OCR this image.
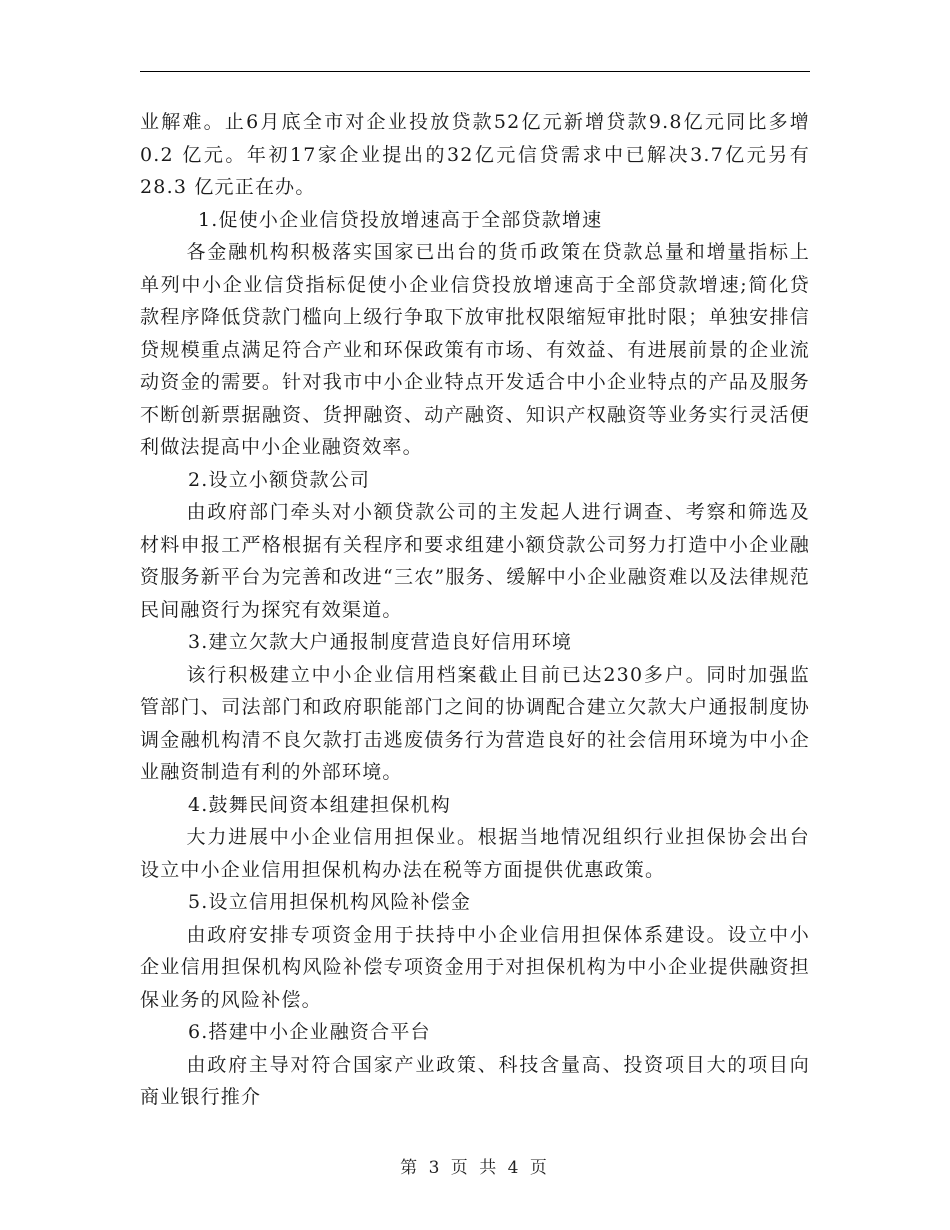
业解难。止6月底全市对企业投放贷款52亿元新增贷款9.8亿元同比多增0.2 亿元。年初17家企业提出的32亿元信贷需求中已解决3.7亿元另有28.3 亿元正在办。

1.促使小企业信贷投放增速高于全部贷款增速

各金融机构积极落实国家已出台的货币政策在贷款总量和增量指标上单列中小企业信贷指标促使小企业信贷投放增速高于全部贷款增速;简化贷款程序降低贷款门槛向上级行争取下放审批权限缩短审批时限；单独安排信贷规模重点满足符合产业和环保政策有市场、有效益、有进展前景的企业流动资金的需要。针对我市中小企业特点开发适合中小企业特点的产品及服务不断创新票据融资、货押融资、动产融资、知识产权融资等业务实行灵活便利做法提高中小企业融资效率。

2.设立小额贷款公司

由政府部门牵头对小额贷款公司的主发起人进行调查、考察和筛选及材料申报工严格根据有关程序和要求组建小额贷款公司努力打造中小企业融资服务新平台为完善和改进“三农”服务、缓解中小企业融资难以及法律规范民间融资行为探究有效渠道。

3.建立欠款大户通报制度营造良好信用环境

该行积极建立中小企业信用档案截止目前已达230多户。同时加强监管部门、司法部门和政府职能部门之间的协调配合建立欠款大户通报制度协调金融机构清不良欠款打击逃废债务行为营造良好的社会信用环境为中小企业融资制造有利的外部环境。

4.鼓舞民间资本组建担保机构

大力进展中小企业信用担保业。根据当地情况组织行业担保协会出台设立中小企业信用担保机构办法在税等方面提供优惠政策。

5.设立信用担保机构风险补偿金

由政府安排专项资金用于扶持中小企业信用担保体系建设。设立中小企业信用担保机构风险补偿专项资金用于对担保机构为中小企业提供融资担保业务的风险补偿。

6.搭建中小企业融资合平台

由政府主导对符合国家产业政策、科技含量高、投资项目大的项目向商业银行推介

第 3 页 共 4 页
